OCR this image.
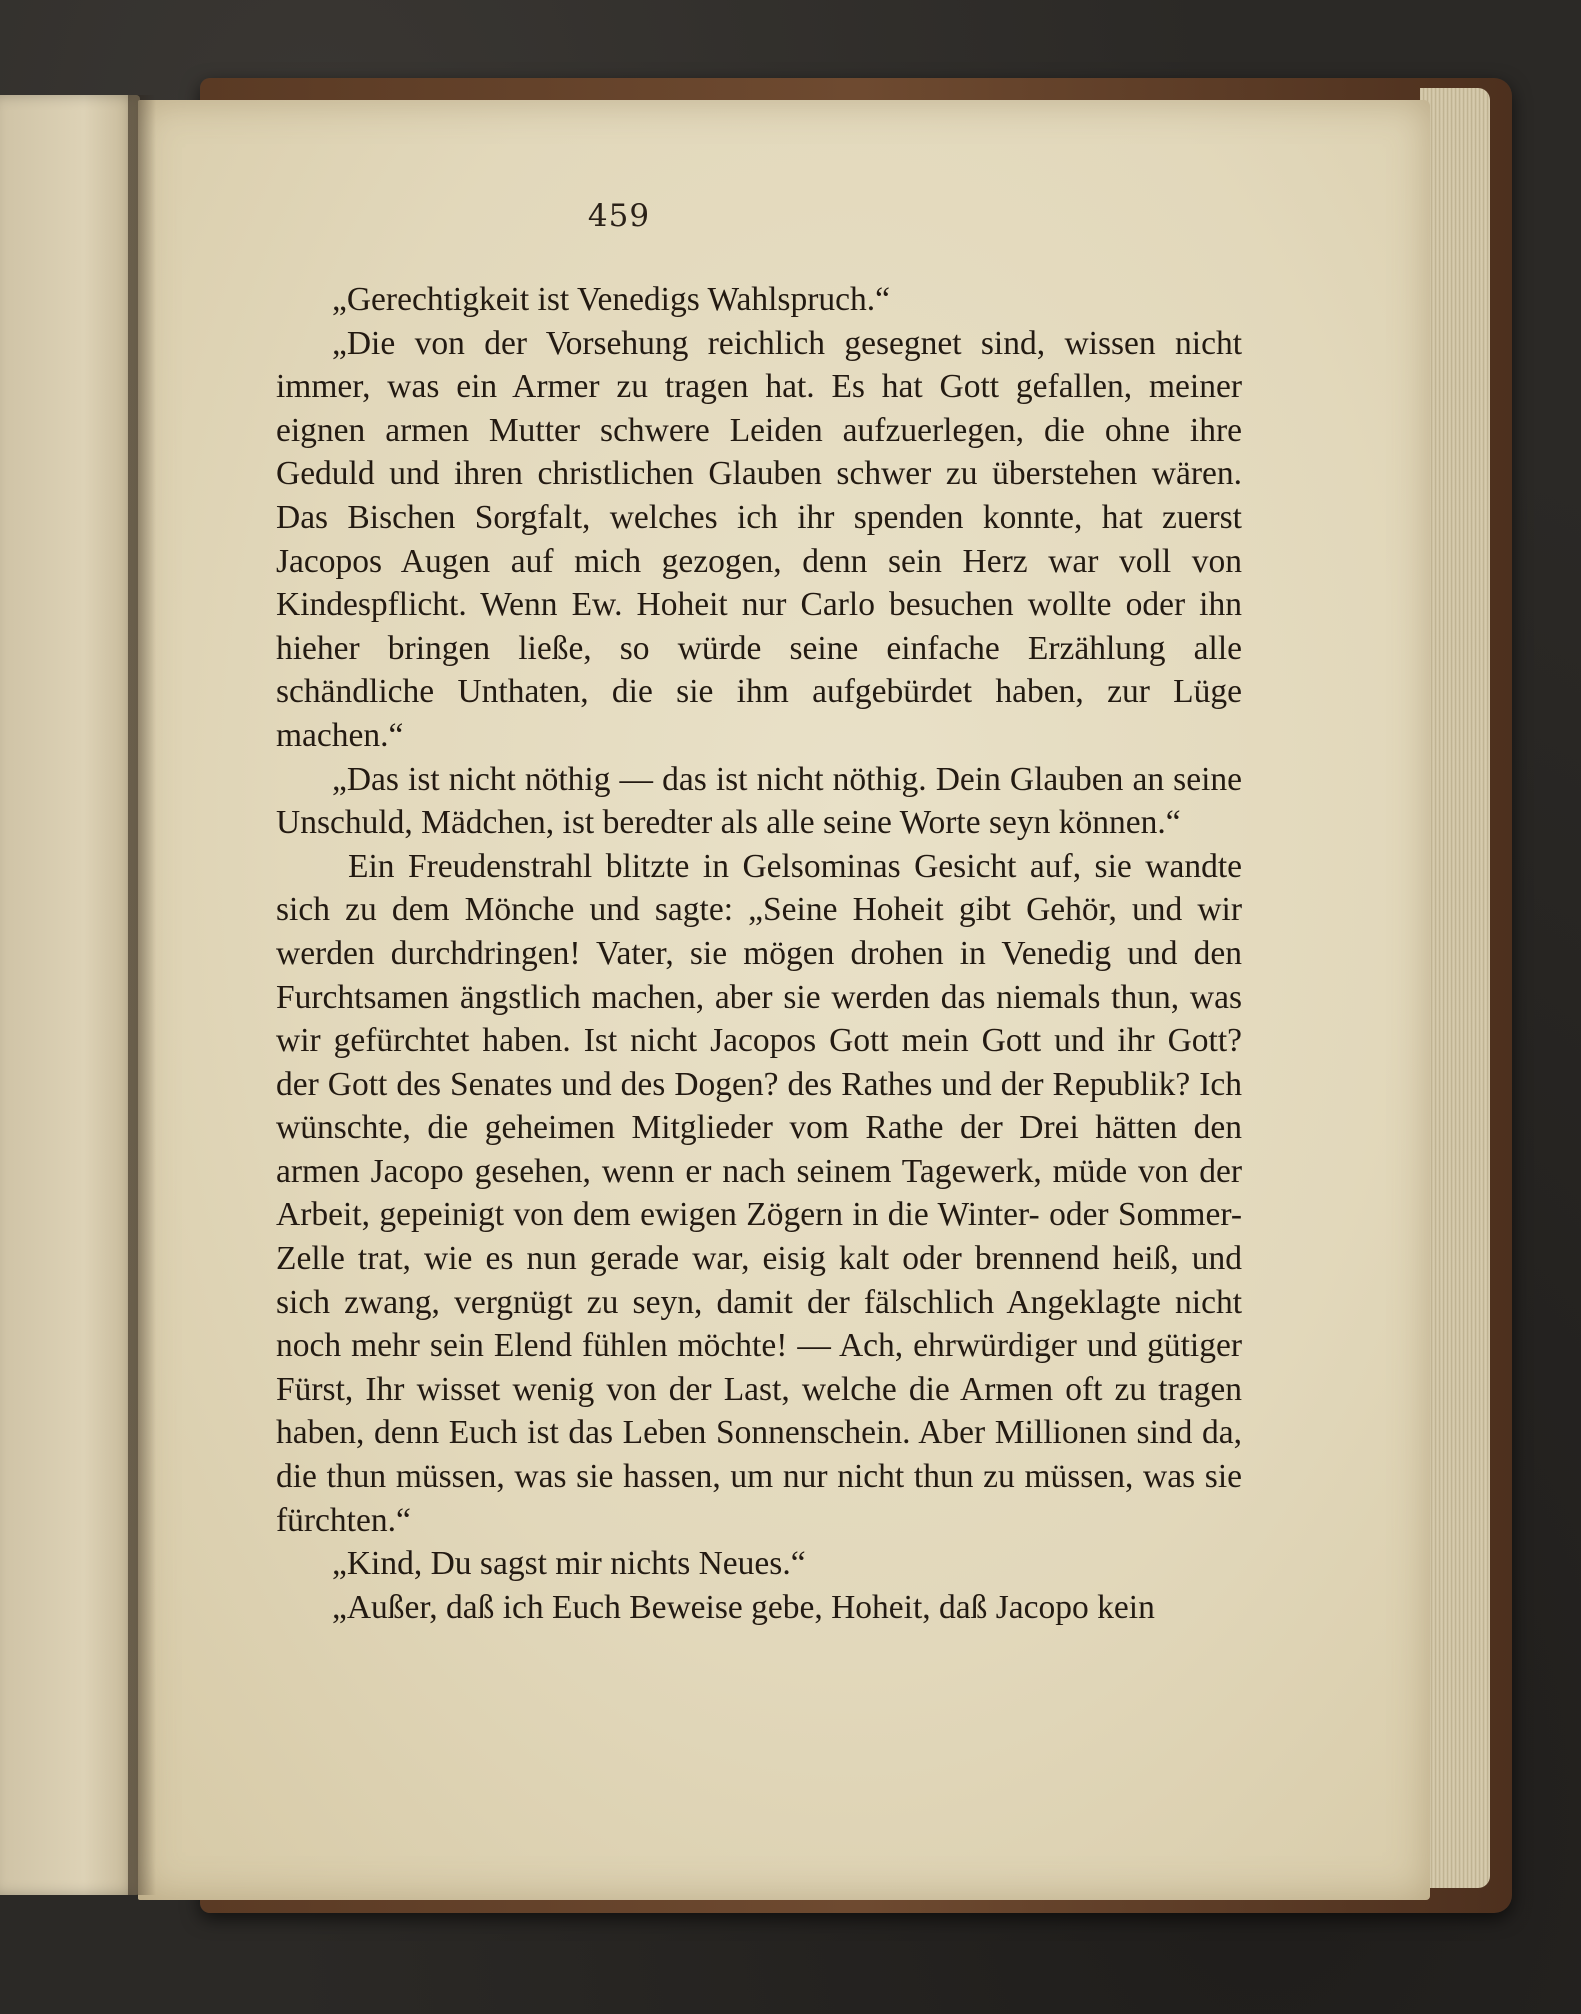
459

„Gerechtigkeit ist Venedigs Wahlspruch.“

„Die von der Vorsehung reichlich gesegnet sind, wissen nicht immer, was ein Armer zu tragen hat. Es hat Gott gefallen, meiner eignen armen Mutter schwere Leiden aufzuerlegen, die ohne ihre Geduld und ihren christlichen Glauben schwer zu überstehen wären. Das Bischen Sorgfalt, welches ich ihr spenden konnte, hat zuerst Jacopos Augen auf mich gezogen, denn sein Herz war voll von Kindespflicht. Wenn Ew. Hoheit nur Carlo besuchen wollte oder ihn hieher bringen ließe, so würde seine einfache Erzählung alle schändliche Unthaten, die sie ihm aufgebürdet haben, zur Lüge machen.“

„Das ist nicht nöthig — das ist nicht nöthig. Dein Glauben an seine Unschuld, Mädchen, ist beredter als alle seine Worte seyn können.“

Ein Freudenstrahl blitzte in Gelsominas Gesicht auf, sie wandte sich zu dem Mönche und sagte: „Seine Hoheit gibt Gehör, und wir werden durchdringen! Vater, sie mögen drohen in Venedig und den Furchtsamen ängstlich machen, aber sie werden das niemals thun, was wir gefürchtet haben. Ist nicht Jacopos Gott mein Gott und ihr Gott? der Gott des Senates und des Dogen? des Rathes und der Republik? Ich wünschte, die geheimen Mitglieder vom Rathe der Drei hätten den armen Jacopo gesehen, wenn er nach seinem Tagewerk, müde von der Arbeit, gepeinigt von dem ewigen Zögern in die Winter- oder Sommer-Zelle trat, wie es nun gerade war, eisig kalt oder brennend heiß, und sich zwang, vergnügt zu seyn, damit der fälschlich Angeklagte nicht noch mehr sein Elend fühlen möchte! — Ach, ehrwürdiger und gütiger Fürst, Ihr wisset wenig von der Last, welche die Armen oft zu tragen haben, denn Euch ist das Leben Sonnenschein. Aber Millionen sind da, die thun müssen, was sie hassen, um nur nicht thun zu müssen, was sie fürchten.“

„Kind, Du sagst mir nichts Neues.“

„Außer, daß ich Euch Beweise gebe, Hoheit, daß Jacopo kein
